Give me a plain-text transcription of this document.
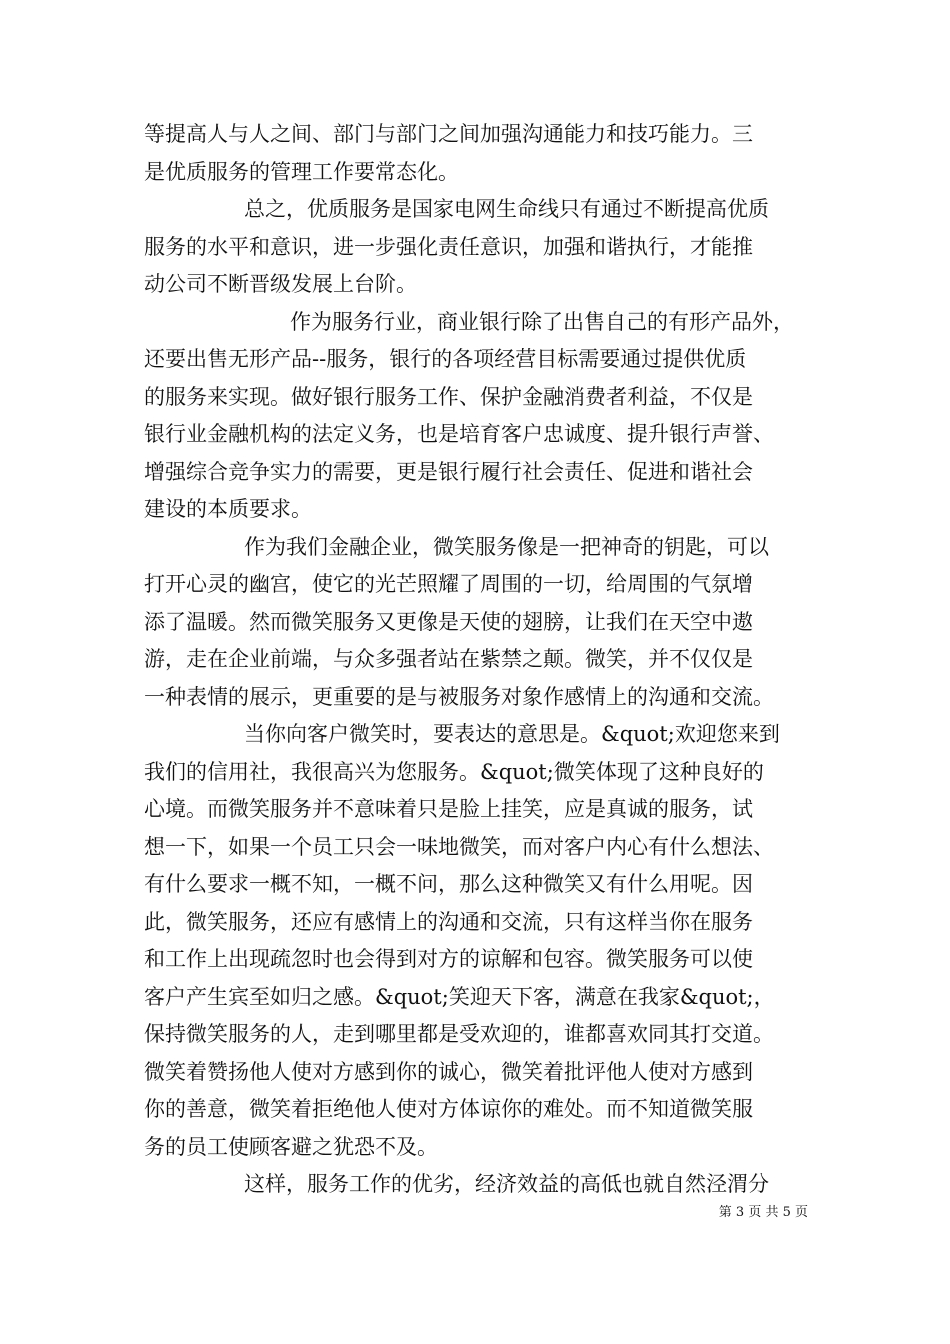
等提高人与人之间、部门与部门之间加强沟通能力和技巧能力。三
是优质服务的管理工作要常态化。
总之，优质服务是国家电网生命线只有通过不断提高优质
服务的水平和意识，进一步强化责任意识，加强和谐执行，才能推
动公司不断晋级发展上台阶。
作为服务行业，商业银行除了出售自己的有形产品外，
还要出售无形产品--服务，银行的各项经营目标需要通过提供优质
的服务来实现。做好银行服务工作、保护金融消费者利益，不仅是
银行业金融机构的法定义务，也是培育客户忠诚度、提升银行声誉、
增强综合竞争实力的需要，更是银行履行社会责任、促进和谐社会
建设的本质要求。
作为我们金融企业，微笑服务像是一把神奇的钥匙，可以
打开心灵的幽宫，使它的光芒照耀了周围的一切，给周围的气氛增
添了温暖。然而微笑服务又更像是天使的翅膀，让我们在天空中遨
游，走在企业前端，与众多强者站在紫禁之颠。微笑，并不仅仅是
一种表情的展示，更重要的是与被服务对象作感情上的沟通和交流。
当你向客户微笑时，要表达的意思是。&quot;欢迎您来到
我们的信用社，我很高兴为您服务。&quot;微笑体现了这种良好的
心境。而微笑服务并不意味着只是脸上挂笑，应是真诚的服务，试
想一下，如果一个员工只会一味地微笑，而对客户内心有什么想法、
有什么要求一概不知，一概不问，那么这种微笑又有什么用呢。因
此，微笑服务，还应有感情上的沟通和交流，只有这样当你在服务
和工作上出现疏忽时也会得到对方的谅解和包容。微笑服务可以使
客户产生宾至如归之感。&quot;笑迎天下客，满意在我家&quot;，
保持微笑服务的人，走到哪里都是受欢迎的，谁都喜欢同其打交道。
微笑着赞扬他人使对方感到你的诚心，微笑着批评他人使对方感到
你的善意，微笑着拒绝他人使对方体谅你的难处。而不知道微笑服
务的员工使顾客避之犹恐不及。
这样，服务工作的优劣，经济效益的高低也就自然泾渭分
第 3 页 共 5 页
